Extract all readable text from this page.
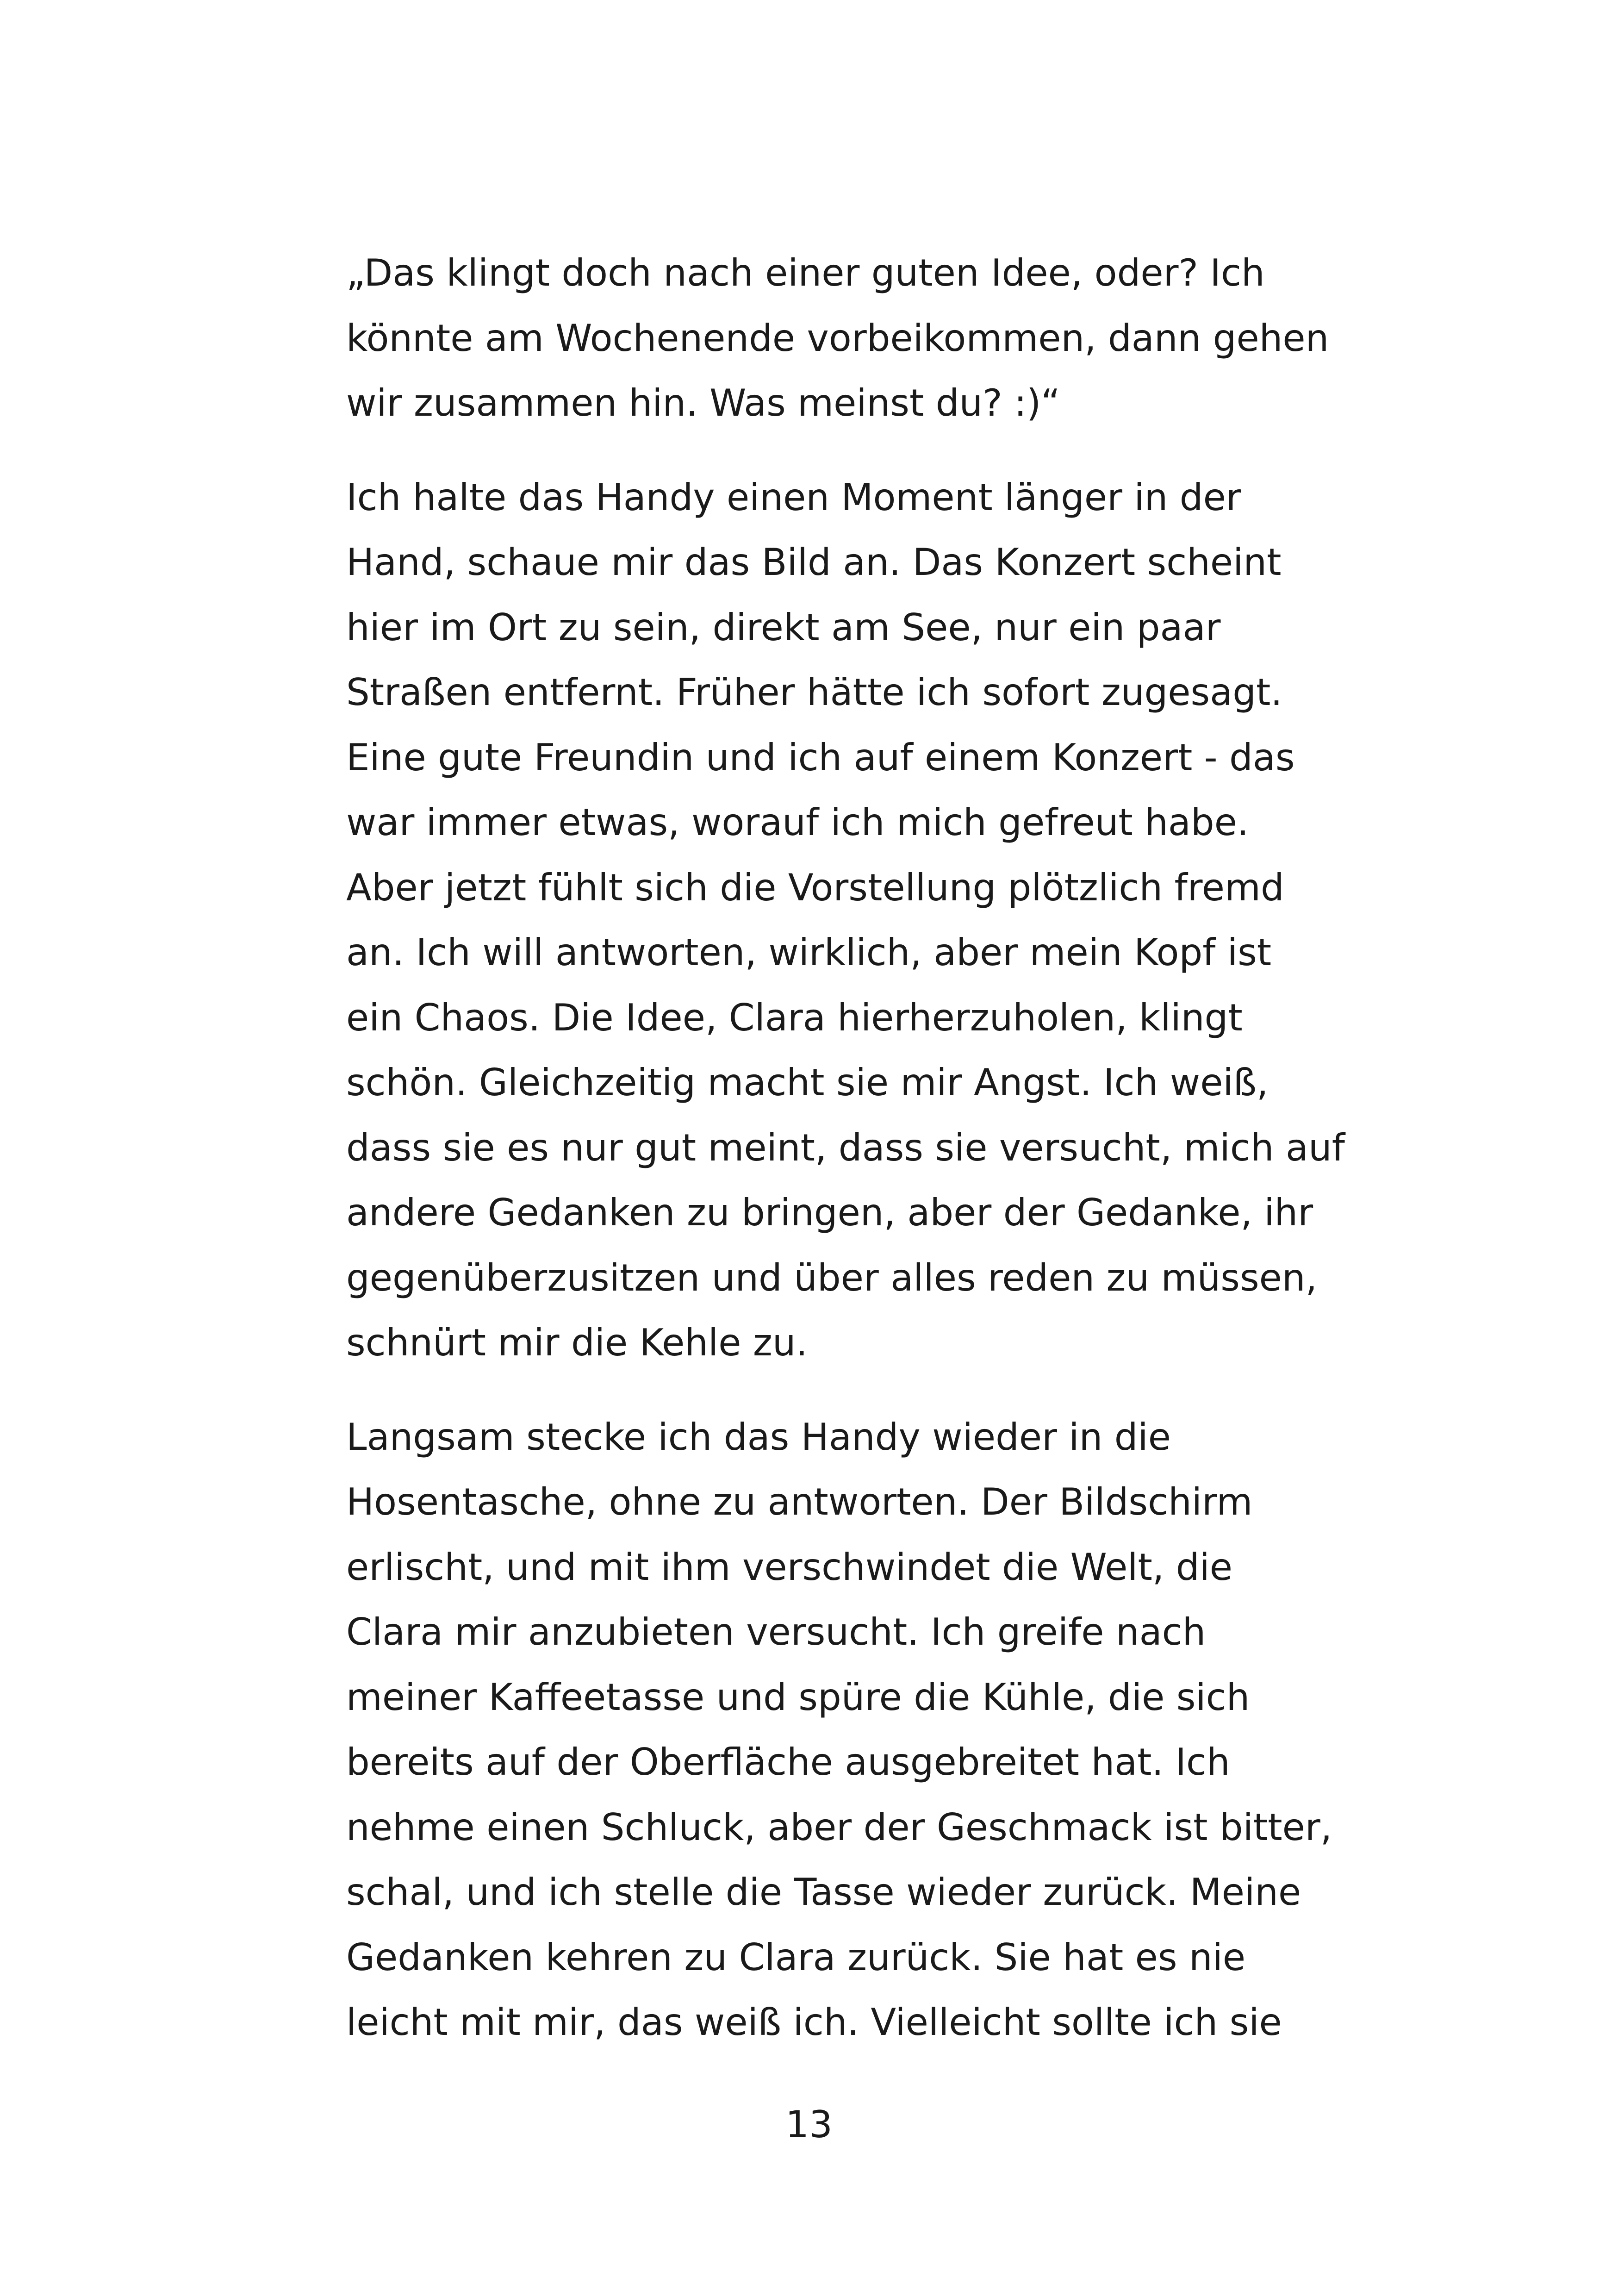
„Das klingt doch nach einer guten Idee, oder? Ich
könnte am Wochenende vorbeikommen, dann gehen
wir zusammen hin. Was meinst du? :)“

Ich halte das Handy einen Moment länger in der
Hand, schaue mir das Bild an. Das Konzert scheint
hier im Ort zu sein, direkt am See, nur ein paar
Straßen entfernt. Früher hätte ich sofort zugesagt.
Eine gute Freundin und ich auf einem Konzert - das
war immer etwas, worauf ich mich gefreut habe.
Aber jetzt fühlt sich die Vorstellung plötzlich fremd
an. Ich will antworten, wirklich, aber mein Kopf ist
ein Chaos. Die Idee, Clara hierherzuholen, klingt
schön. Gleichzeitig macht sie mir Angst. Ich weiß,
dass sie es nur gut meint, dass sie versucht, mich auf
andere Gedanken zu bringen, aber der Gedanke, ihr
gegenüberzusitzen und über alles reden zu müssen,
schnürt mir die Kehle zu.

Langsam stecke ich das Handy wieder in die
Hosentasche, ohne zu antworten. Der Bildschirm
erlischt, und mit ihm verschwindet die Welt, die
Clara mir anzubieten versucht. Ich greife nach
meiner Kaffeetasse und spüre die Kühle, die sich
bereits auf der Oberfläche ausgebreitet hat. Ich
nehme einen Schluck, aber der Geschmack ist bitter,
schal, und ich stelle die Tasse wieder zurück. Meine
Gedanken kehren zu Clara zurück. Sie hat es nie
leicht mit mir, das weiß ich. Vielleicht sollte ich sie

13
